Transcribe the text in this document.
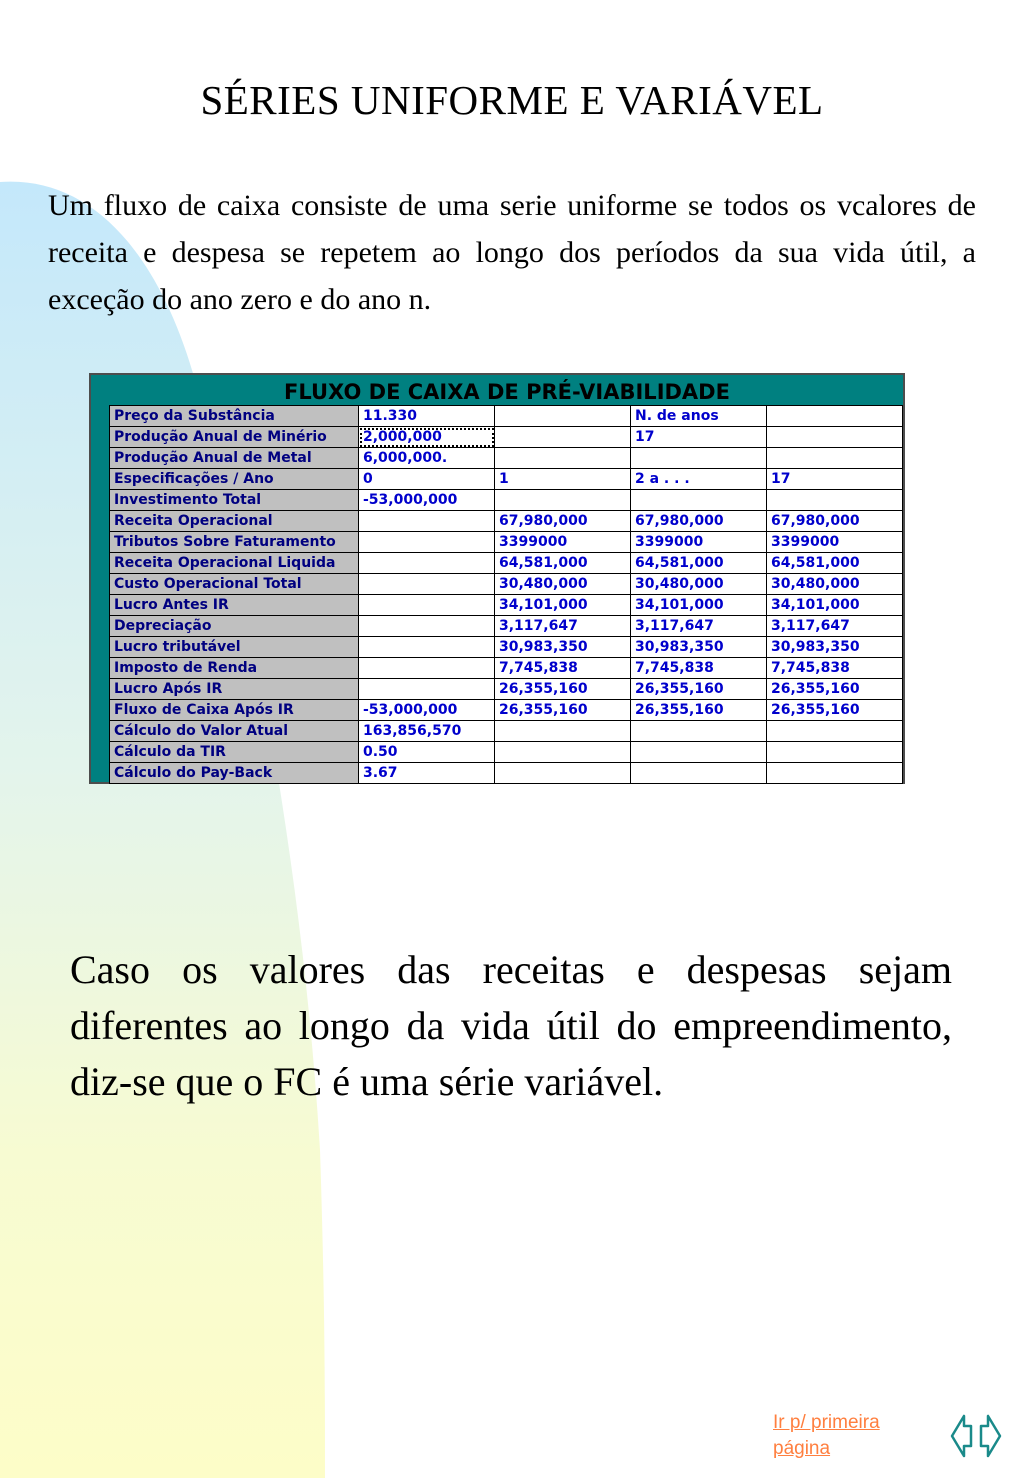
SÉRIES UNIFORME E VARIÁVEL
Um fluxo de caixa consiste de uma serie uniforme se todos os vcalores de receita e despesa se repetem ao longo dos períodos da sua vida útil, a exceção do ano zero e do ano n.
FLUXO DE CAIXA DE PRÉ-VIABILIDADE
Preço da Substância	11.330		N. de anos	
Produção Anual de Minério	2,000,000		17	
Produção Anual de Metal	6,000,000.			
Especificações / Ano	0	1	2 a . . .	17
Investimento Total	-53,000,000			
Receita Operacional		67,980,000	67,980,000	67,980,000
Tributos Sobre Faturamento		3399000	3399000	3399000
Receita Operacional Liquida		64,581,000	64,581,000	64,581,000
Custo Operacional Total		30,480,000	30,480,000	30,480,000
Lucro Antes IR		34,101,000	34,101,000	34,101,000
Depreciação		3,117,647	3,117,647	3,117,647
Lucro tributável		30,983,350	30,983,350	30,983,350
Imposto de Renda		7,745,838	7,745,838	7,745,838
Lucro Após IR		26,355,160	26,355,160	26,355,160
Fluxo de Caixa Após IR	-53,000,000	26,355,160	26,355,160	26,355,160
Cálculo do Valor Atual	163,856,570			
Cálculo da TIR	0.50			
Cálculo do Pay-Back	3.67			
Caso os valores das receitas e despesas sejam diferentes ao longo da vida útil do empreendimento, diz-se que o FC é uma série variável.
Ir p/ primeira página
